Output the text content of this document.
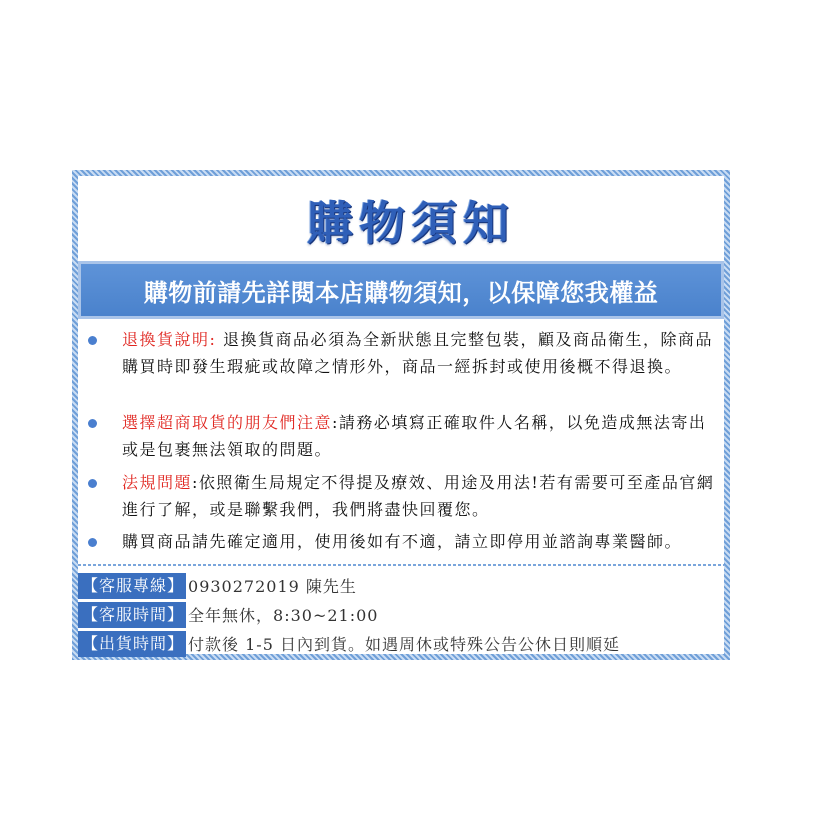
購物須知
購物前請先詳閱本店購物須知，以保障您我權益
退換貨說明: 退換貨商品必須為全新狀態且完整包裝，顧及商品衛生，除商品購買時即發生瑕疵或故障之情形外，商品一經拆封或使用後概不得退換。
選擇超商取貨的朋友們注意:請務必填寫正確取件人名稱，以免造成無法寄出或是包裹無法領取的問題。
法規問題:依照衛生局規定不得提及療效、用途及用法!若有需要可至產品官網進行了解，或是聯繫我們，我們將盡快回覆您。
購買商品請先確定適用，使用後如有不適，請立即停用並諮詢專業醫師。
【客服專線】 0930272019 陳先生
【客服時間】 全年無休，8:30~21:00
【出貨時間】 付款後 1-5 日內到貨。如遇周休或特殊公告公休日則順延
